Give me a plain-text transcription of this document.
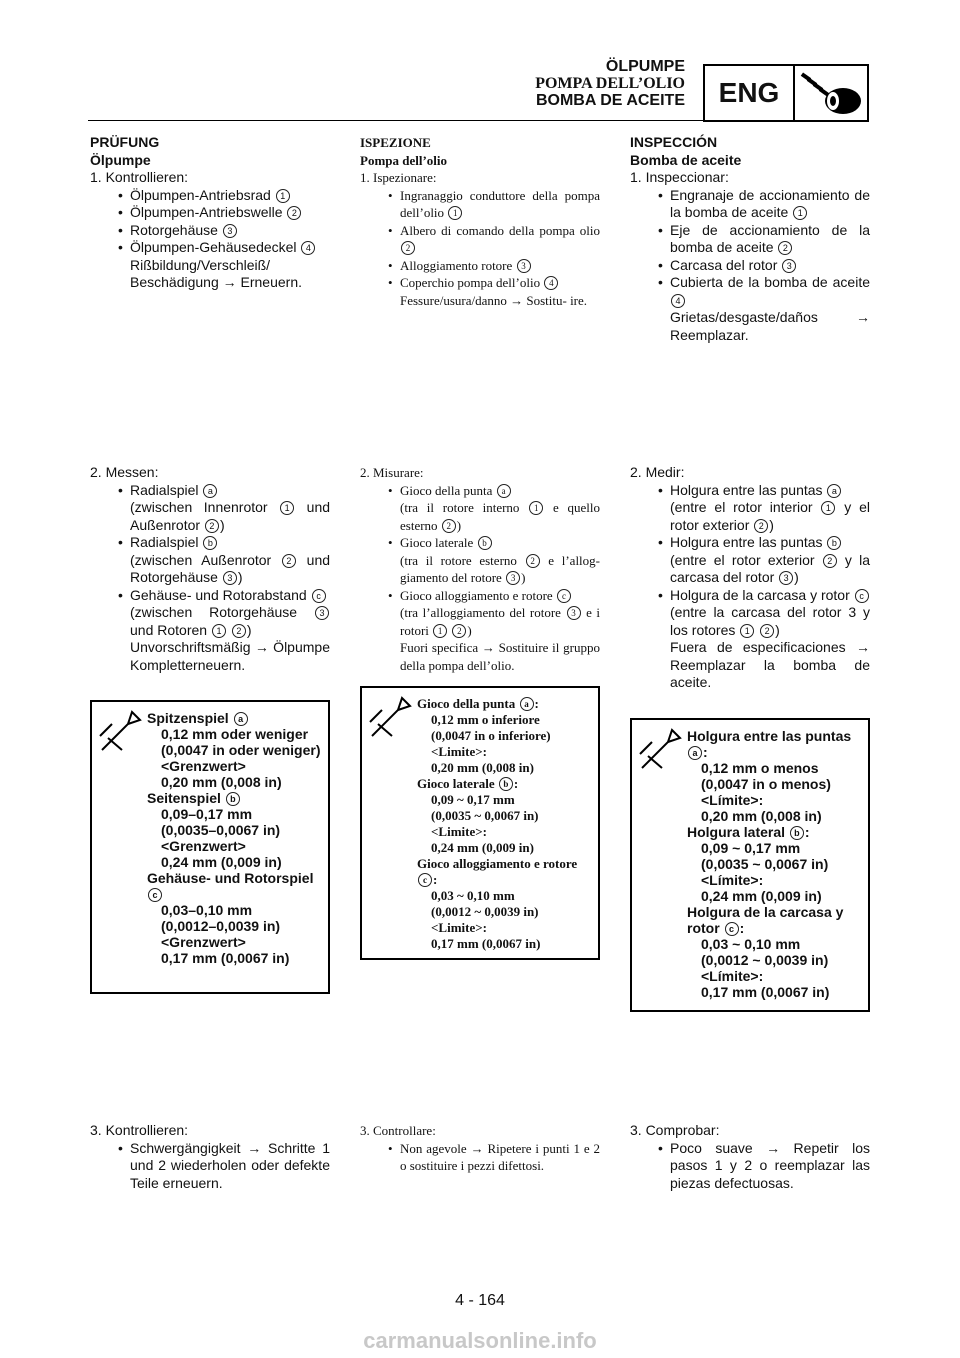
ÖLPUMPE
POMPA DELL’OLIO
BOMBA DE ACEITE	ENG
PRÜFUNG
Ölpumpe
1. Kontrollieren:
• Ölpumpen-Antriebsrad 1
• Ölpumpen-Antriebswelle 2
• Rotorgehäuse 3
• Ölpumpen-Gehäusedeckel 4
Rißbildung/Verschleiß/ Beschädigung → Erneuern.
2. Messen:
• Radialspiel a
(zwischen Innenrotor 1 und Außenrotor 2 )
• Radialspiel b
(zwischen Außenrotor 2 und Rotorgehäuse 3 )
• Gehäuse- und Rotorabstand c
(zwischen Rotorgehäuse 3 und Rotoren 1 2 )
Unvorschriftsmäßig → Ölpumpe Kompletterneuern.
Spitzenspiel a
0,12 mm oder weniger
(0,0047 in oder weniger)
<Grenzwert>
0,20 mm (0,008 in)
Seitenspiel b
0,09–0,17 mm
(0,0035–0,0067 in)
<Grenzwert>
0,24 mm (0,009 in)
Gehäuse- und Rotorspiel c
0,03–0,10 mm
(0,0012–0,0039 in)
<Grenzwert>
0,17 mm (0,0067 in)
3. Kontrollieren:
• Schwergängigkeit → Schritte 1 und 2 wiederholen oder defekte Teile erneuern.
ISPEZIONE
Pompa dell’olio
1. Ispezionare:
• Ingranaggio conduttore della pompa dell’olio 1
• Albero di comando della pompa olio 2
• Alloggiamento rotore 3
• Coperchio pompa dell’olio 4
Fessure/usura/danno → Sostitu- ire.
2. Misurare:
• Gioco della punta a
(tra il rotore interno 1 e quello esterno 2 )
• Gioco laterale b
(tra il rotore esterno 2 e l’allog- giamento del rotore 3 )
• Gioco alloggiamento e rotore c
(tra l’alloggiamento del rotore 3 e i rotori 1 2 )
Fuori specifica → Sostituire il gruppo della pompa dell’olio.
Gioco della punta a :
0,12 mm o inferiore
(0,0047 in o inferiore)
<Limite>:
0,20 mm (0,008 in)
Gioco laterale b :
0,09 ~ 0,17 mm
(0,0035 ~ 0,0067 in)
<Limite>:
0,24 mm (0,009 in)
Gioco alloggiamento e rotore c :
0,03 ~ 0,10 mm
(0,0012 ~ 0,0039 in)
<Limite>:
0,17 mm (0,0067 in)
3. Controllare:
• Non agevole → Ripetere i punti 1 e 2 o sostituire i pezzi difettosi.
INSPECCIÓN
Bomba de aceite
1. Inspeccionar:
• Engranaje de accionamiento de la bomba de aceite 1
• Eje de accionamiento de la bomba de aceite 2
• Carcasa del rotor 3
• Cubierta de la bomba de aceite 4
Grietas/desgaste/daños → Reemplazar.
2. Medir:
• Holgura entre las puntas a
(entre el rotor interior 1 y el rotor exterior 2 )
• Holgura entre las puntas b
(entre el rotor exterior 2 y la carcasa del rotor 3 )
• Holgura de la carcasa y rotor c
(entre la carcasa del rotor 3 y los rotores 1 2 )
Fuera de especificaciones → Reemplazar la bomba de aceite.
Holgura entre las puntas a :
0,12 mm o menos
(0,0047 in o menos)
<Límite>:
0,20 mm (0,008 in)
Holgura lateral b :
0,09 ~ 0,17 mm
(0,0035 ~ 0,0067 in)
<Límite>:
0,24 mm (0,009 in)
Holgura de la carcasa y rotor c :
0,03 ~ 0,10 mm
(0,0012 ~ 0,0039 in)
<Límite>:
0,17 mm (0,0067 in)
3. Comprobar:
• Poco suave → Repetir los pasos 1 y 2 o reemplazar las piezas defectuosas.
4 - 164
carmanualsonline.info
